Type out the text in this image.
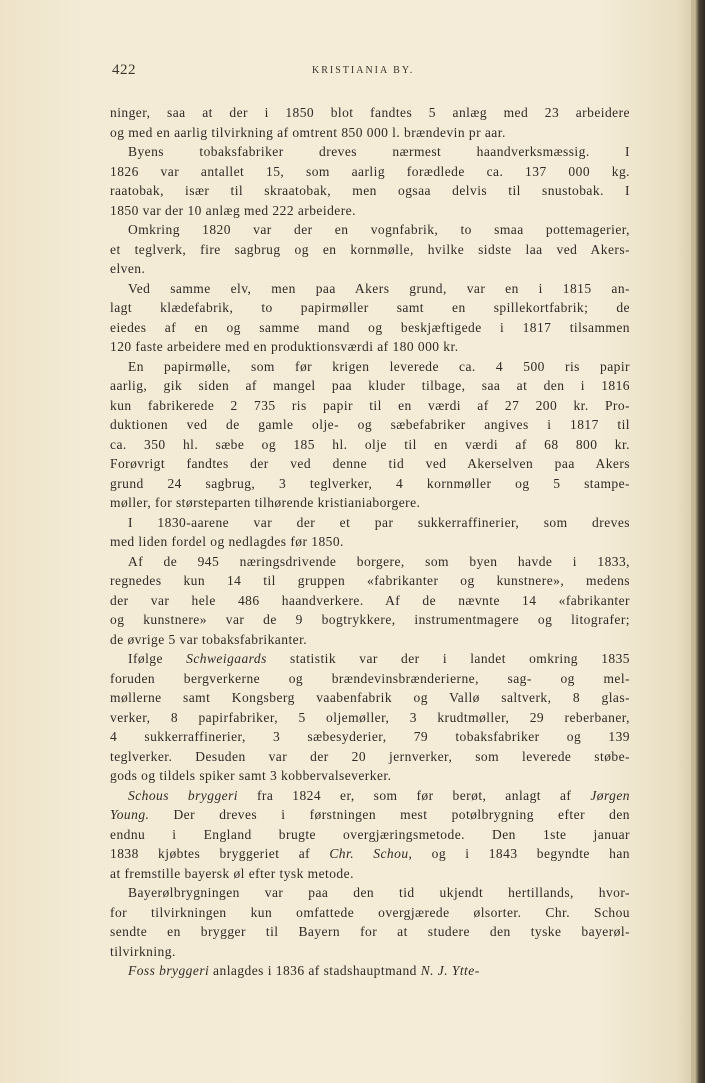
422	KRISTIANIA BY.
ninger, saa at der i 1850 blot fandtes 5 anlæg med 23 arbeidere
og med en aarlig tilvirkning af omtrent 850 000 l. brændevin pr aar.
Byens tobaksfabriker dreves nærmest haandverksmæssig. I
1826 var antallet 15, som aarlig forædlede ca. 137 000 kg.
raatobak, især til skraatobak, men ogsaa delvis til snustobak. I
1850 var der 10 anlæg med 222 arbeidere.
Omkring 1820 var der en vognfabrik, to smaa pottemagerier,
et teglverk, fire sagbrug og en kornmølle, hvilke sidste laa ved Akers-
elven.
Ved samme elv, men paa Akers grund, var en i 1815 an-
lagt klædefabrik, to papirmøller samt en spillekortfabrik; de
eiedes af en og samme mand og beskjæftigede i 1817 tilsammen
120 faste arbeidere med en produktionsværdi af 180 000 kr.
En papirmølle, som før krigen leverede ca. 4 500 ris papir
aarlig, gik siden af mangel paa kluder tilbage, saa at den i 1816
kun fabrikerede 2 735 ris papir til en værdi af 27 200 kr. Pro-
duktionen ved de gamle olje- og sæbefabriker angives i 1817 til
ca. 350 hl. sæbe og 185 hl. olje til en værdi af 68 800 kr.
Forøvrigt fandtes der ved denne tid ved Akerselven paa Akers
grund 24 sagbrug, 3 teglverker, 4 kornmøller og 5 stampe-
møller, for størsteparten tilhørende kristianiaborgere.
I 1830-aarene var der et par sukkerraffinerier, som dreves
med liden fordel og nedlagdes før 1850.
Af de 945 næringsdrivende borgere, som byen havde i 1833,
regnedes kun 14 til gruppen «fabrikanter og kunstnere», medens
der var hele 486 haandverkere. Af de nævnte 14 «fabrikanter
og kunstnere» var de 9 bogtrykkere, instrumentmagere og litografer;
de øvrige 5 var tobaksfabrikanter.
Ifølge Schweigaards statistik var der i landet omkring 1835
foruden bergverkerne og brændevinsbrænderierne, sag- og mel-
møllerne samt Kongsberg vaabenfabrik og Vallø saltverk, 8 glas-
verker, 8 papirfabriker, 5 oljemøller, 3 krudtmøller, 29 reberbaner,
4 sukkerraffinerier, 3 sæbesyderier, 79 tobaksfabriker og 139
teglverker. Desuden var der 20 jernverker, som leverede støbe-
gods og tildels spiker samt 3 kobbervalseverker.
Schous bryggeri fra 1824 er, som før berøt, anlagt af Jørgen
Young. Der dreves i førstningen mest potølbrygning efter den
endnu i England brugte overgjæringsmetode. Den 1ste januar
1838 kjøbtes bryggeriet af Chr. Schou, og i 1843 begyndte han
at fremstille bayersk øl efter tysk metode.
Bayerølbrygningen var paa den tid ukjendt hertillands, hvor-
for tilvirkningen kun omfattede overgjærede ølsorter. Chr. Schou
sendte en brygger til Bayern for at studere den tyske bayerøl-
tilvirkning.
Foss bryggeri anlagdes i 1836 af stadshauptmand N. J. Ytte-
